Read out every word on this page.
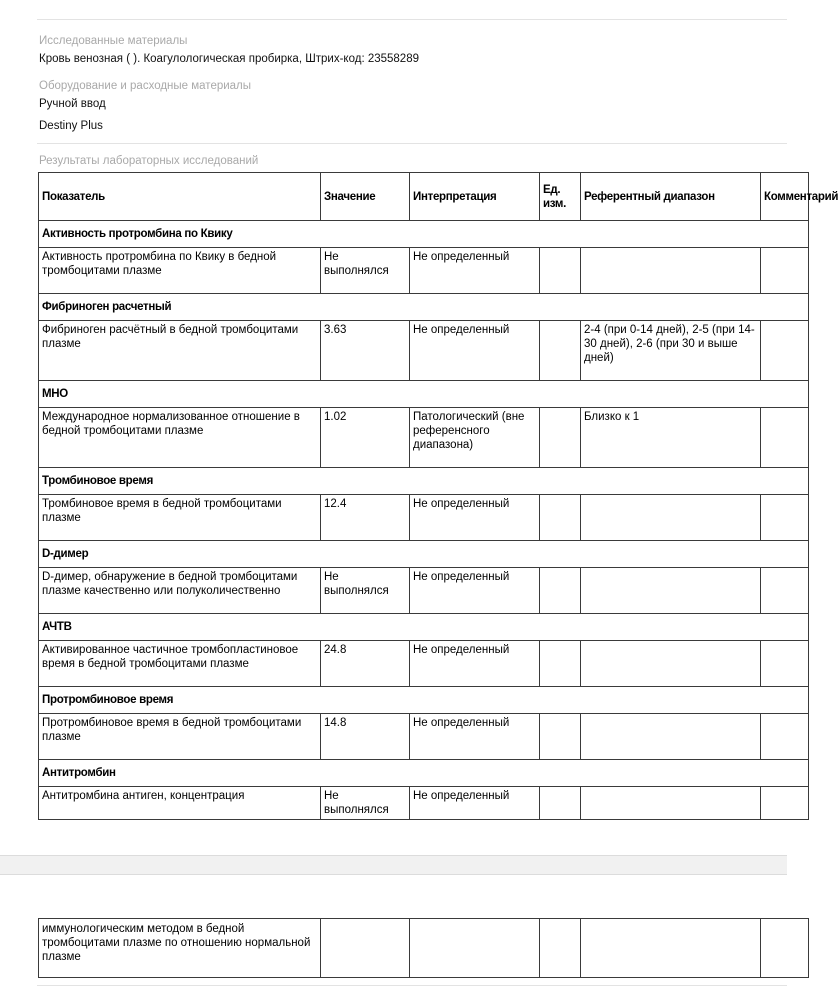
Исследованные материалы
Кровь венозная ( ). Коагулологическая пробирка, Штрих-код: 23558289
Оборудование и расходные материалы
Ручной ввод
Destiny Plus
Результаты лабораторных исследований
Показатель	Значение	Интерпретация	Ед. изм.	Референтный диапазон	Комментарий
Активность протромбина по Квику					
Активность протромбина по Квику в бедной тромбоцитами плазме	Не выполнялся	Не определенный			
Фибриноген расчетный					
Фибриноген расчётный в бедной тромбоцитами плазме	3.63	Не определенный		2-4 (при 0-14 дней), 2-5 (при 14-30 дней), 2-6 (при 30 и выше дней)	
МНО					
Международное нормализованное отношение в бедной тромбоцитами плазме	1.02	Патологический (вне референсного диапазона)		Близко к 1	
Тромбиновое время					
Тромбиновое время в бедной тромбоцитами плазме	12.4	Не определенный			
D-димер					
D-димер, обнаружение в бедной тромбоцитами плазме качественно или полуколичественно	Не выполнялся	Не определенный			
АЧТВ					
Активированное частичное тромбопластиновое время в бедной тромбоцитами плазме	24.8	Не определенный			
Протромбиновое время					
Протромбиновое время в бедной тромбоцитами плазме	14.8	Не определенный			
Антитромбин					
Антитромбина антиген, концентрация	Не выполнялся	Не определенный			
иммунологическим методом в бедной тромбоцитами плазме по отношению нормальной плазме					
